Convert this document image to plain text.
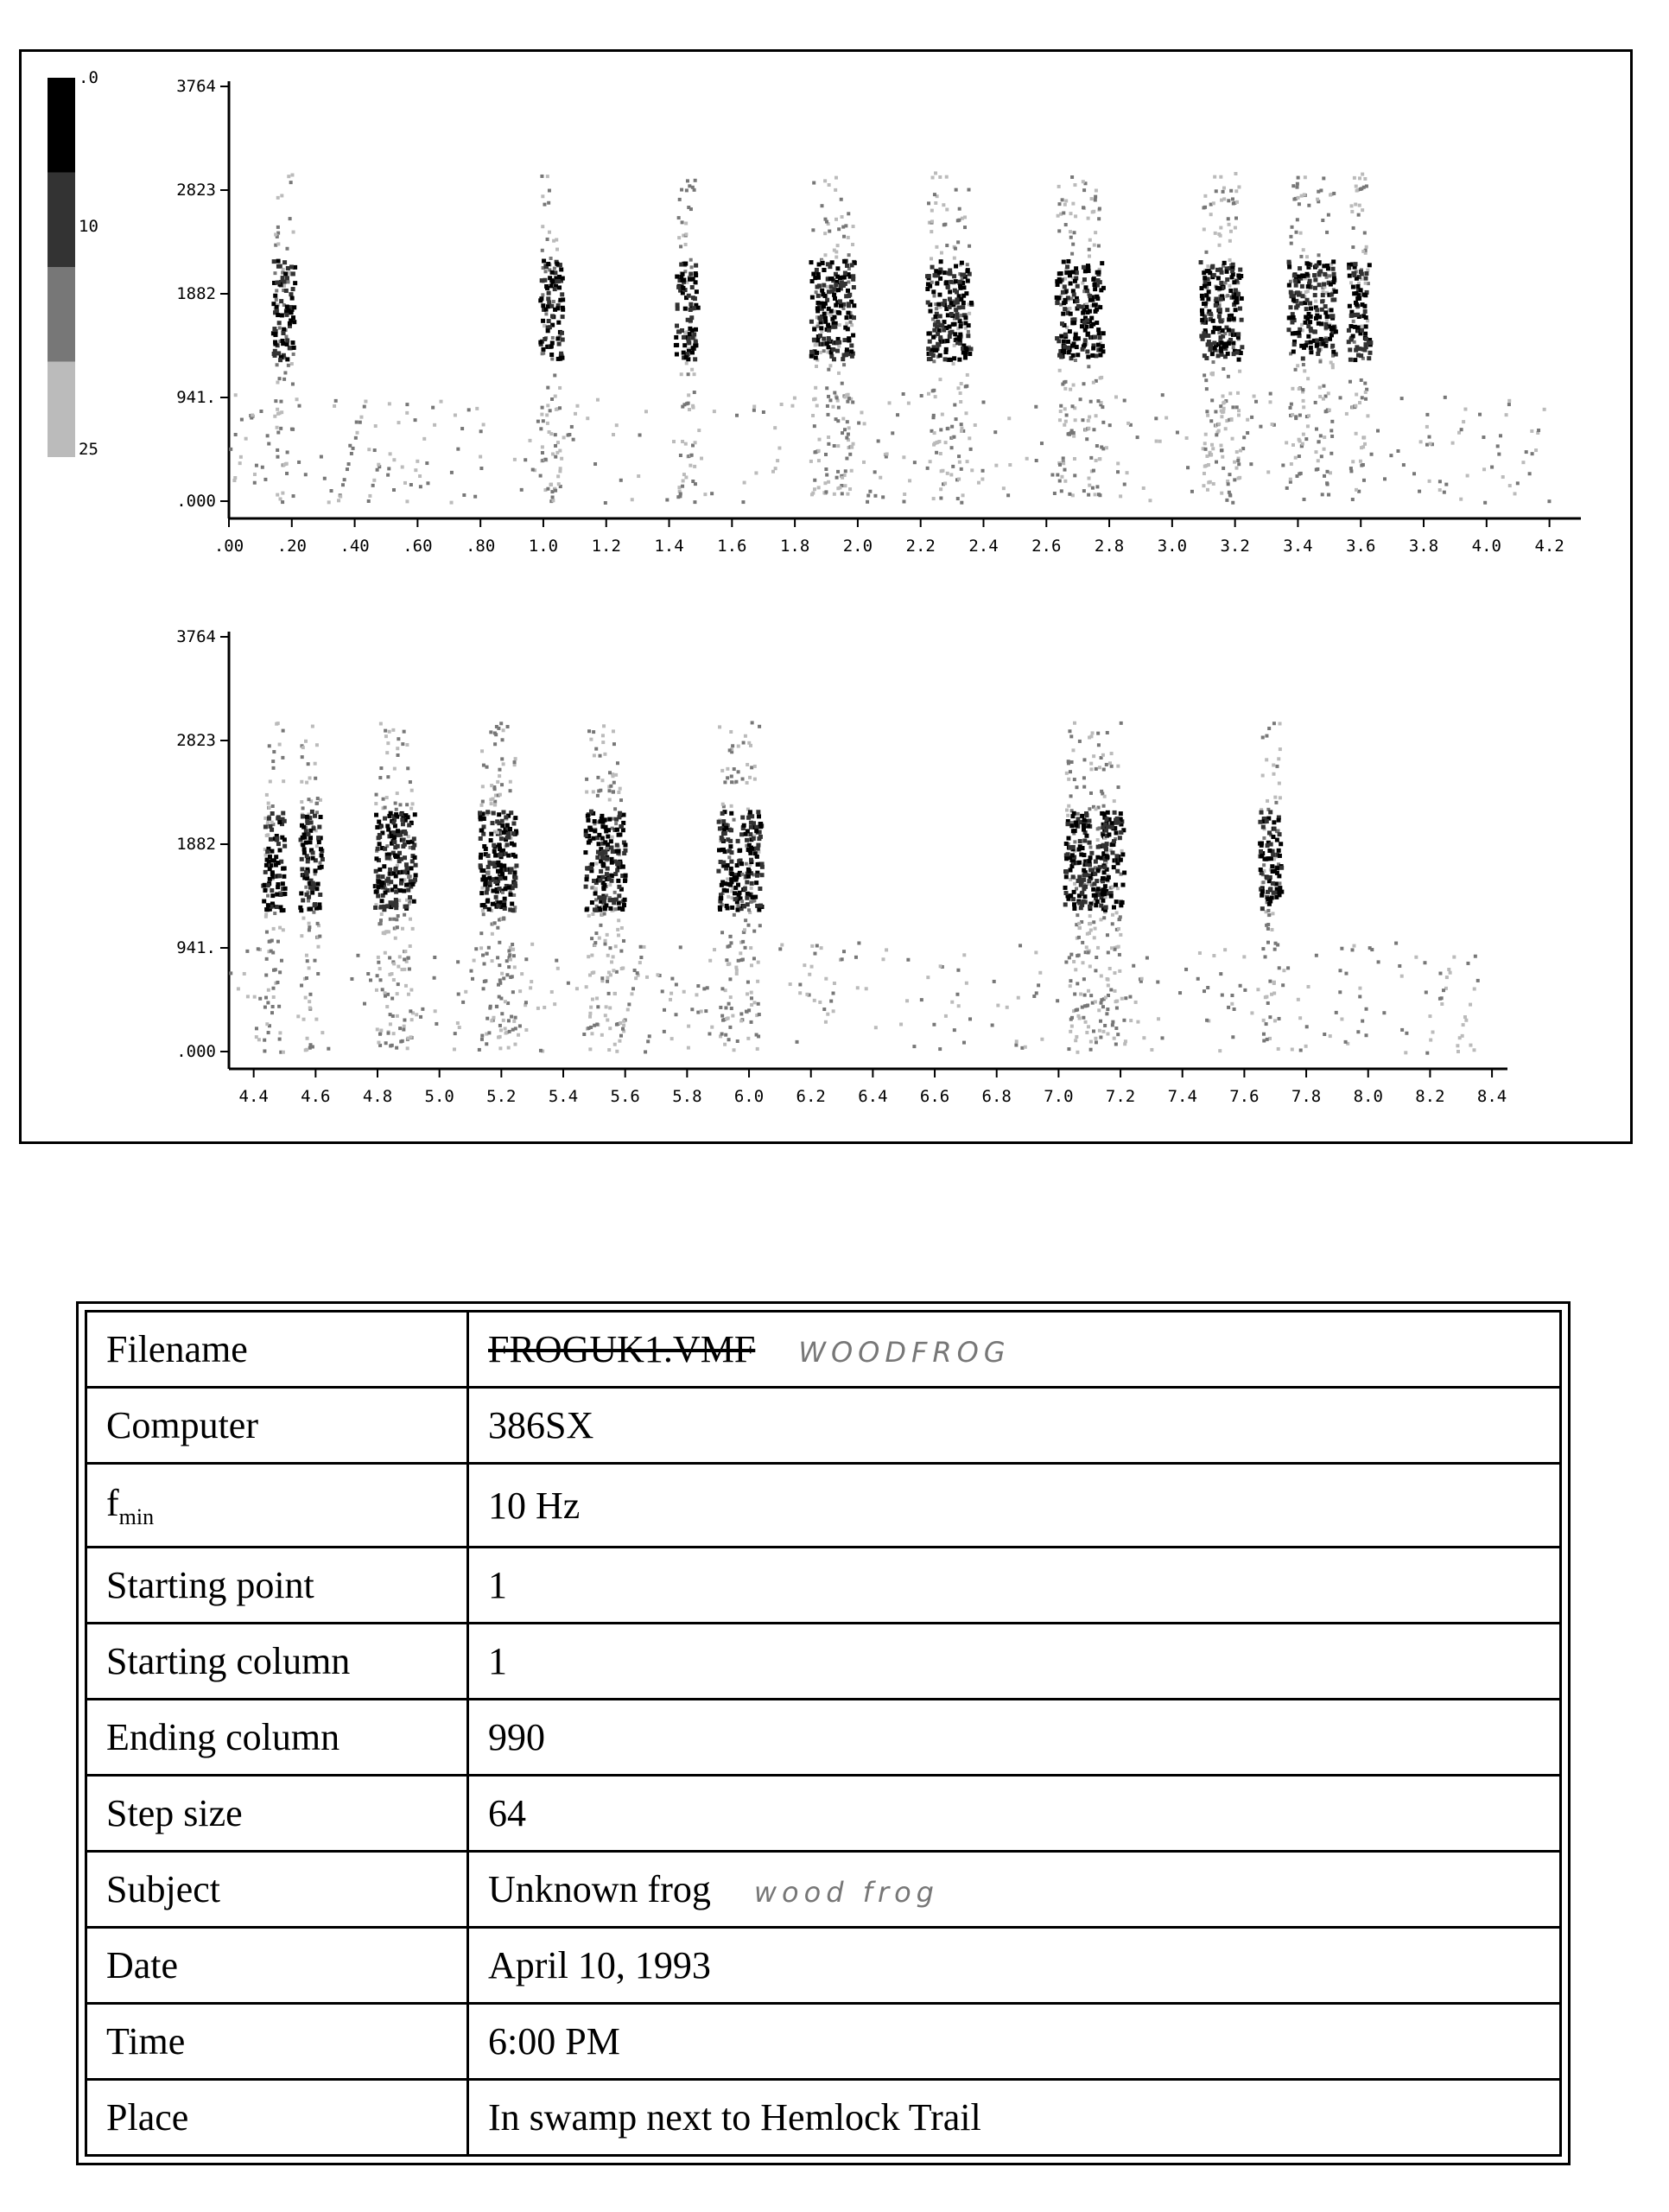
.0
10
25
.000
941.
1882
2823
3764
.00 .20 .40 .60 .80 1.0 1.2 1.4 1.6 1.8 2.0 2.2 2.4 2.6 2.8 3.0 3.2 3.4 3.6 3.8 4.0 4.2
.000
941.
1882
2823
3764
4.4 4.6 4.8 5.0 5.2 5.4 5.6 5.8 6.0 6.2 6.4 6.6 6.8 7.0 7.2 7.4 7.6 7.8 8.0 8.2 8.4
Filename	FROGUK1.VMF WOODFROG
Computer	386SX
$f_{min}$	10 Hz
Starting point	1
Starting column	1
Ending column	990
Step size	64
Subject	Unknown frog wood frog
Date	April 10, 1993
Time	6:00 PM
Place	In swamp next to Hemlock Trail
